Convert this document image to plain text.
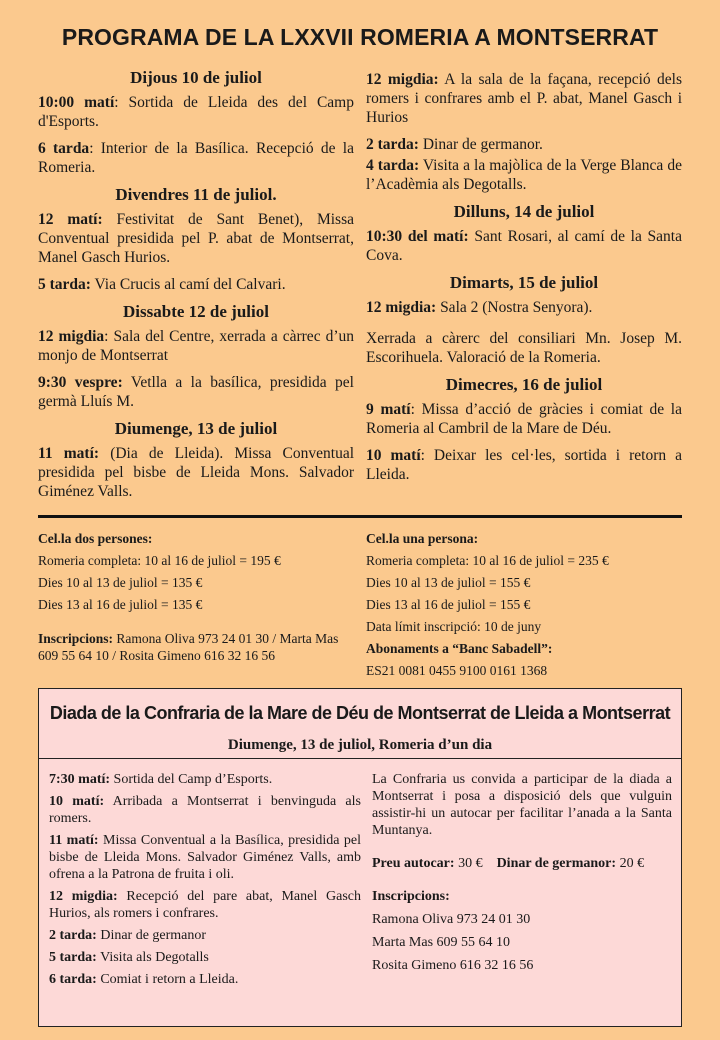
PROGRAMA DE LA LXXVII ROMERIA A MONTSERRAT
Dijous 10 de juliol
10:00 matí: Sortida de Lleida des del Camp d'Esports.
6 tarda: Interior de la Basílica. Recepció de la Romeria.
Divendres 11 de juliol.
12 matí: Festivitat de Sant Benet), Missa Conventual presidida pel P. abat de Montserrat, Manel Gasch Hurios.
5 tarda: Via Crucis al camí del Calvari.
Dissabte 12 de juliol
12 migdia: Sala del Centre, xerrada a càrrec d’un monjo de Montserrat
9:30 vespre: Vetlla a la basílica, presidida pel germà Lluís M.
Diumenge, 13 de juliol
11 matí: (Dia de Lleida). Missa Conventual presidida pel bisbe de Lleida Mons. Salvador Giménez Valls.
12 migdia: A la sala de la façana, recepció dels romers i confrares amb el P. abat, Manel Gasch i Hurios
2 tarda: Dinar de germanor.
4 tarda: Visita a la majòlica de la Verge Blanca de l’Acadèmia als Degotalls.
Dilluns, 14 de juliol
10:30 del matí: Sant Rosari, al camí de la Santa Cova.
Dimarts, 15 de juliol
12 migdia: Sala 2 (Nostra Senyora).
Xerrada a càrerc del consiliari Mn. Josep M. Escorihuela. Valoració de la Romeria.
Dimecres, 16 de juliol
9 matí: Missa d’acció de gràcies i comiat de la Romeria al Cambril de la Mare de Déu.
10 matí: Deixar les cel·les, sortida i retorn a Lleida.
Cel.la dos persones:
Romeria completa: 10 al 16 de juliol = 195 €
Dies 10 al 13 de juliol = 135 €
Dies 13 al 16 de juliol = 135 €
Inscripcions: Ramona Oliva 973 24 01 30 / Marta Mas 609 55 64 10 / Rosita Gimeno 616 32 16 56
Cel.la una persona:
Romeria completa: 10 al 16 de juliol = 235 €
Dies 10 al 13 de juliol = 155 €
Dies 13 al 16 de juliol = 155 €
Data límit inscripció: 10 de juny
Abonaments a “Banc Sabadell”:
ES21 0081 0455 9100 0161 1368
Diada de la Confraria de la Mare de Déu de Montserrat de Lleida a Montserrat
Diumenge, 13 de juliol, Romeria d’un dia
7:30 matí: Sortida del Camp d’Esports.
10 matí: Arribada a Montserrat i benvinguda als romers.
11 matí: Missa Conventual a la Basílica, presidida pel bisbe de Lleida Mons. Salvador Giménez Valls, amb ofrena a la Patrona de fruita i oli.
12 migdia: Recepció del pare abat, Manel Gasch Hurios, als romers i confrares.
2 tarda: Dinar de germanor
5 tarda: Visita als Degotalls
6 tarda: Comiat i retorn a Lleida.
La Confraria us convida a participar de la diada a Montserrat i posa a disposició dels que vulguin assistir-hi un autocar per facilitar l’anada a la Santa Muntanya.
Preu autocar: 30 € Dinar de germanor: 20 €
Inscripcions:
Ramona Oliva 973 24 01 30
Marta Mas 609 55 64 10
Rosita Gimeno 616 32 16 56
